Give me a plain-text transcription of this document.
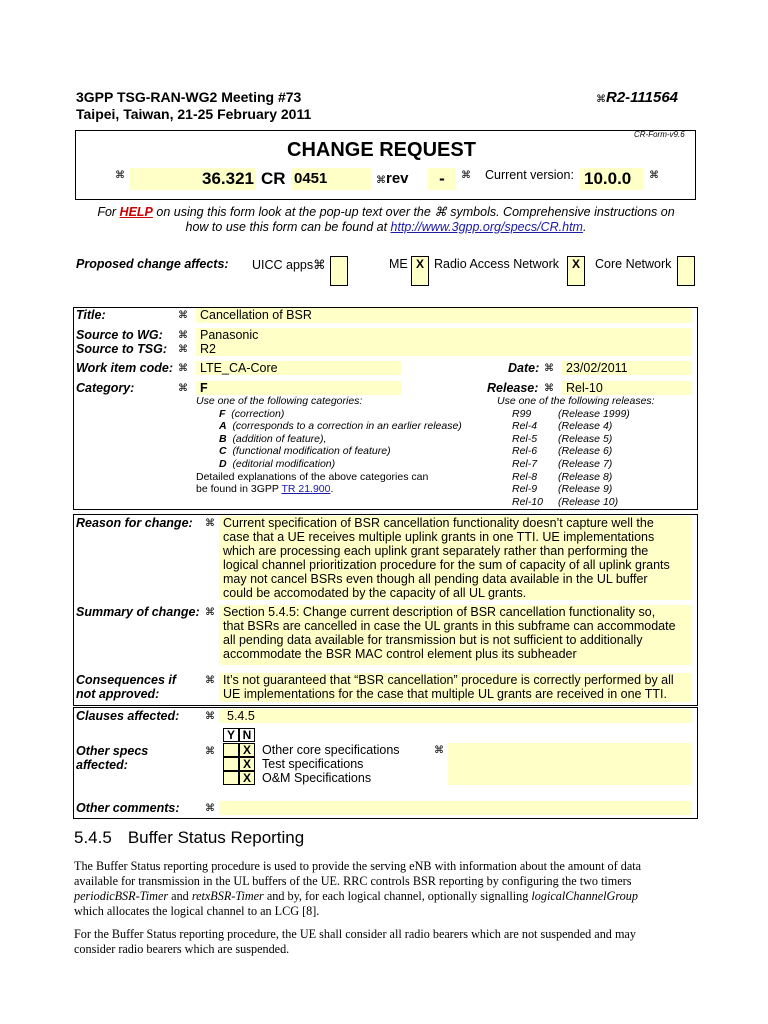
3GPP TSG-RAN-WG2 Meeting #73
Taipei, Taiwan, 21-25 February 2011
⌘R2-111564
CR-Form-v9.6
CHANGE REQUEST
⌘	36.321 CR 0451	⌘rev	-	⌘ Current version: 10.0.0	⌘
For HELP on using this form look at the pop-up text over the ⌘ symbols. Comprehensive instructions on
how to use this form can be found at http://www.3gpp.org/specs/CR.htm.
Proposed change affects: UICC apps⌘	ME X Radio Access Network	X	Core Network
Title:	⌘ Cancellation of BSR
Source to WG: ⌘ Panasonic
Source to TSG: ⌘ R2
Work item code: ⌘ LTE_CA-Core	Date: ⌘ 23/02/2011
Category:	⌘ F	Release: ⌘ Rel-10
Use one of the following categories:
F (correction)
A (corresponds to a correction in an earlier release)
B (addition of feature),
C (functional modification of feature)
D (editorial modification)
Detailed explanations of the above categories can
be found in 3GPP TR 21.900.
Use one of the following releases:
R99	(Release 1999)
Rel-4 (Release 4)
Rel-5 (Release 5)
Rel-6 (Release 6)
Rel-7 (Release 7)
Rel-8 (Release 8)
Rel-9 (Release 9)
Rel-10 (Release 10)
Reason for change: ⌘ Current specification of BSR cancellation functionality doesn’t capture well the
case that a UE receives multiple uplink grants in one TTI. UE implementations
which are processing each uplink grant separately rather than performing the
logical channel prioritization procedure for the sum of capacity of all uplink grants
may not cancel BSRs even though all pending data available in the UL buffer
could be accomodated by the capacity of all UL grants.
Summary of change: ⌘ Section 5.4.5: Change current description of BSR cancellation functionality so,
that BSRs are cancelled in case the UL grants in this subframe can accommodate
all pending data available for transmission but is not sufficient to additionally
accommodate the BSR MAC control element plus its subheader
Consequences if
not approved:
⌘ It’s not guaranteed that “BSR cancellation” procedure is correctly performed by all
UE implementations for the case that multiple UL grants are received in one TTI.
Clauses affected:	⌘ 5.4.5
Y N
Other specs
affected:
⌘	X Other core specifications
X Test specifications
X O&M Specifications
⌘
Other comments:	⌘
5.4.5 Buffer Status Reporting
The Buffer Status reporting procedure is used to provide the serving eNB with information about the amount of data
available for transmission in the UL buffers of the UE. RRC controls BSR reporting by configuring the two timers
periodicBSR-Timer and retxBSR-Timer and by, for each logical channel, optionally signalling logicalChannelGroup
which allocates the logical channel to an LCG [8].
For the Buffer Status reporting procedure, the UE shall consider all radio bearers which are not suspended and may
consider radio bearers which are suspended.
